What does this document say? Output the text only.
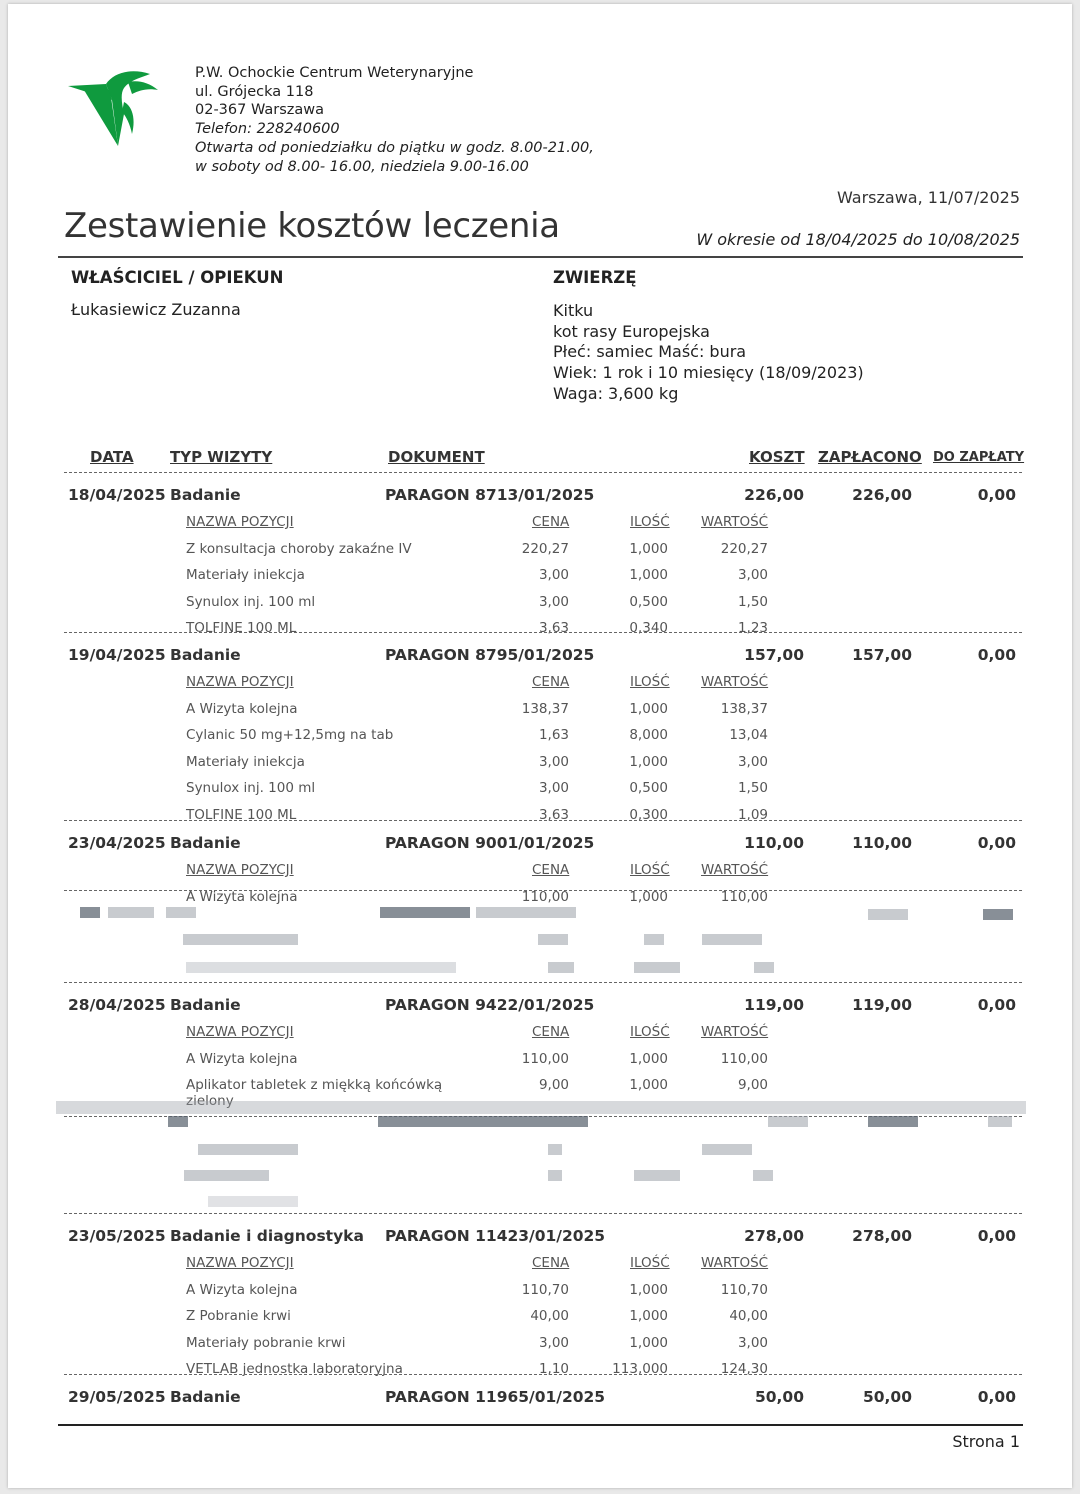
P.W. Ochockie Centrum Weterynaryjne
ul. Grójecka 118
02-367 Warszawa
Telefon: 228240600
Otwarta od poniedziałku do piątku w godz. 8.00-21.00,
w soboty od 8.00- 16.00, niedziela 9.00-16.00
Warszawa, 11/07/2025
Zestawienie kosztów leczenia	W okresie od 18/04/2025 do 10/08/2025
WŁAŚCICIEL / OPIEKUN
Łukasiewicz Zuzanna
ZWIERZĘ
Kitku
kot rasy Europejska
Płeć: samiec Maść: bura
Wiek: 1 rok i 10 miesięcy (18/09/2023)
Waga: 3,600 kg
DATA TYP WIZYTY	DOKUMENT	KOSZT ZAPŁACONO DO ZAPŁATY
18/04/2025 Badanie	PARAGON 8713/01/2025	226,00	226,00	0,00
NAZWA POZYCJI	CENA	ILOŚĆ WARTOŚĆ
Z konsultacja choroby zakaźne IV	220,27	1,000	220,27
Materiały iniekcja	3,00	1,000	3,00
Synulox inj. 100 ml	3,00	0,500	1,50
TOLFINE 100 ML	3,63	0,340	1,23
19/04/2025 Badanie	PARAGON 8795/01/2025	157,00	157,00	0,00
NAZWA POZYCJI	CENA	ILOŚĆ WARTOŚĆ
A Wizyta kolejna	138,37	1,000	138,37
Cylanic 50 mg+12,5mg na tab	1,63	8,000	13,04
Materiały iniekcja	3,00	1,000	3,00
Synulox inj. 100 ml	3,00	0,500	1,50
TOLFINE 100 ML	3,63	0,300	1,09
23/04/2025 Badanie	PARAGON 9001/01/2025	110,00	110,00	0,00
NAZWA POZYCJI	CENA	ILOŚĆ WARTOŚĆ
A Wizyta kolejna	110,00	1,000	110,00
28/04/2025 Badanie	PARAGON 9422/01/2025	119,00	119,00	0,00
NAZWA POZYCJI	CENA	ILOŚĆ WARTOŚĆ
A Wizyta kolejna	110,00	1,000	110,00
Aplikator tabletek z miękką końcówką
zielony
9,00	1,000	9,00
23/05/2025 Badanie i diagnostyka PARAGON 11423/01/2025	278,00	278,00	0,00
NAZWA POZYCJI	CENA	ILOŚĆ WARTOŚĆ
A Wizyta kolejna	110,70	1,000	110,70
Z Pobranie krwi	40,00	1,000	40,00
Materiały pobranie krwi	3,00	1,000	3,00
VETLAB jednostka laboratoryjna	1,10	113,000	124,30
29/05/2025 Badanie	PARAGON 11965/01/2025	50,00	50,00	0,00
Strona 1
